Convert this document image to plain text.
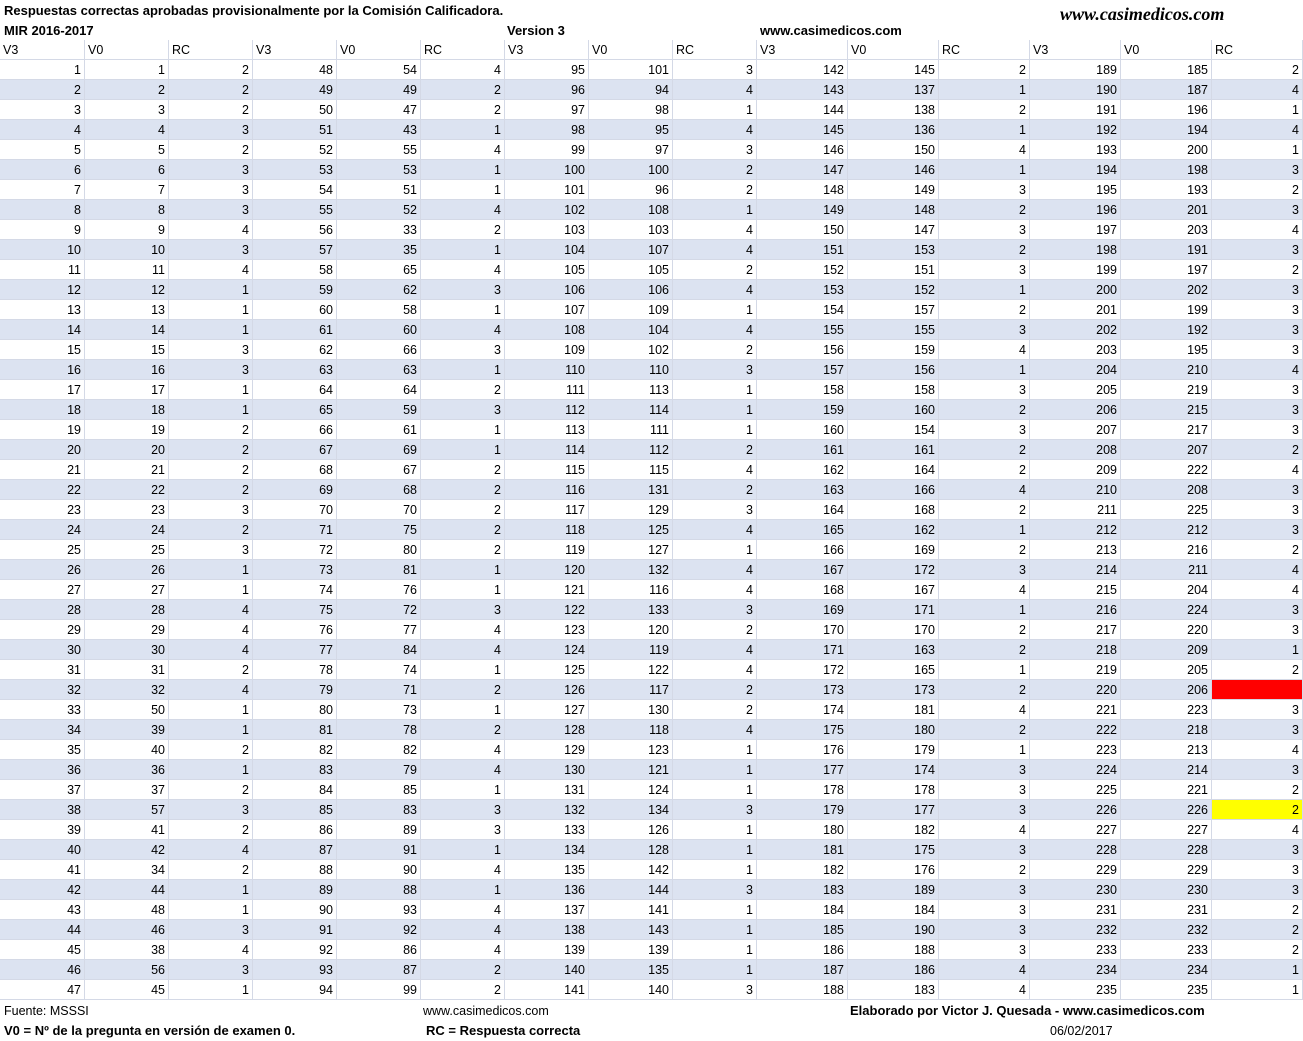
Respuestas correctas aprobadas provisionalmente por la Comisión Calificadora.	www.casimedicos.com
MIR 2016-2017	Version 3	www.casimedicos.com
V3	V0	RC	V3	V0	RC	V3	V0	RC	V3	V0	RC	V3	V0	RC
1	1	2	48	54	4	95	101	3	142	145	2	189	185	2
2	2	2	49	49	2	96	94	4	143	137	1	190	187	4
3	3	2	50	47	2	97	98	1	144	138	2	191	196	1
4	4	3	51	43	1	98	95	4	145	136	1	192	194	4
5	5	2	52	55	4	99	97	3	146	150	4	193	200	1
6	6	3	53	53	1	100	100	2	147	146	1	194	198	3
7	7	3	54	51	1	101	96	2	148	149	3	195	193	2
8	8	3	55	52	4	102	108	1	149	148	2	196	201	3
9	9	4	56	33	2	103	103	4	150	147	3	197	203	4
10	10	3	57	35	1	104	107	4	151	153	2	198	191	3
11	11	4	58	65	4	105	105	2	152	151	3	199	197	2
12	12	1	59	62	3	106	106	4	153	152	1	200	202	3
13	13	1	60	58	1	107	109	1	154	157	2	201	199	3
14	14	1	61	60	4	108	104	4	155	155	3	202	192	3
15	15	3	62	66	3	109	102	2	156	159	4	203	195	3
16	16	3	63	63	1	110	110	3	157	156	1	204	210	4
17	17	1	64	64	2	111	113	1	158	158	3	205	219	3
18	18	1	65	59	3	112	114	1	159	160	2	206	215	3
19	19	2	66	61	1	113	111	1	160	154	3	207	217	3
20	20	2	67	69	1	114	112	2	161	161	2	208	207	2
21	21	2	68	67	2	115	115	4	162	164	2	209	222	4
22	22	2	69	68	2	116	131	2	163	166	4	210	208	3
23	23	3	70	70	2	117	129	3	164	168	2	211	225	3
24	24	2	71	75	2	118	125	4	165	162	1	212	212	3
25	25	3	72	80	2	119	127	1	166	169	2	213	216	2
26	26	1	73	81	1	120	132	4	167	172	3	214	211	4
27	27	1	74	76	1	121	116	4	168	167	4	215	204	4
28	28	4	75	72	3	122	133	3	169	171	1	216	224	3
29	29	4	76	77	4	123	120	2	170	170	2	217	220	3
30	30	4	77	84	4	124	119	4	171	163	2	218	209	1
31	31	2	78	74	1	125	122	4	172	165	1	219	205	2
32	32	4	79	71	2	126	117	2	173	173	2	220	206
33	50	1	80	73	1	127	130	2	174	181	4	221	223	3
34	39	1	81	78	2	128	118	4	175	180	2	222	218	3
35	40	2	82	82	4	129	123	1	176	179	1	223	213	4
36	36	1	83	79	4	130	121	1	177	174	3	224	214	3
37	37	2	84	85	1	131	124	1	178	178	3	225	221	2
38	57	3	85	83	3	132	134	3	179	177	3	226	226	2
39	41	2	86	89	3	133	126	1	180	182	4	227	227	4
40	42	4	87	91	1	134	128	1	181	175	3	228	228	3
41	34	2	88	90	4	135	142	1	182	176	2	229	229	3
42	44	1	89	88	1	136	144	3	183	189	3	230	230	3
43	48	1	90	93	4	137	141	1	184	184	3	231	231	2
44	46	3	91	92	4	138	143	1	185	190	3	232	232	2
45	38	4	92	86	4	139	139	1	186	188	3	233	233	2
46	56	3	93	87	2	140	135	1	187	186	4	234	234	1
47	45	1	94	99	2	141	140	3	188	183	4	235	235	1
Fuente: MSSSI	www.casimedicos.com	Elaborado por Victor J. Quesada - www.casimedicos.com
V0 = Nº de la pregunta en versión de examen 0.	RC = Respuesta correcta	06/02/2017
